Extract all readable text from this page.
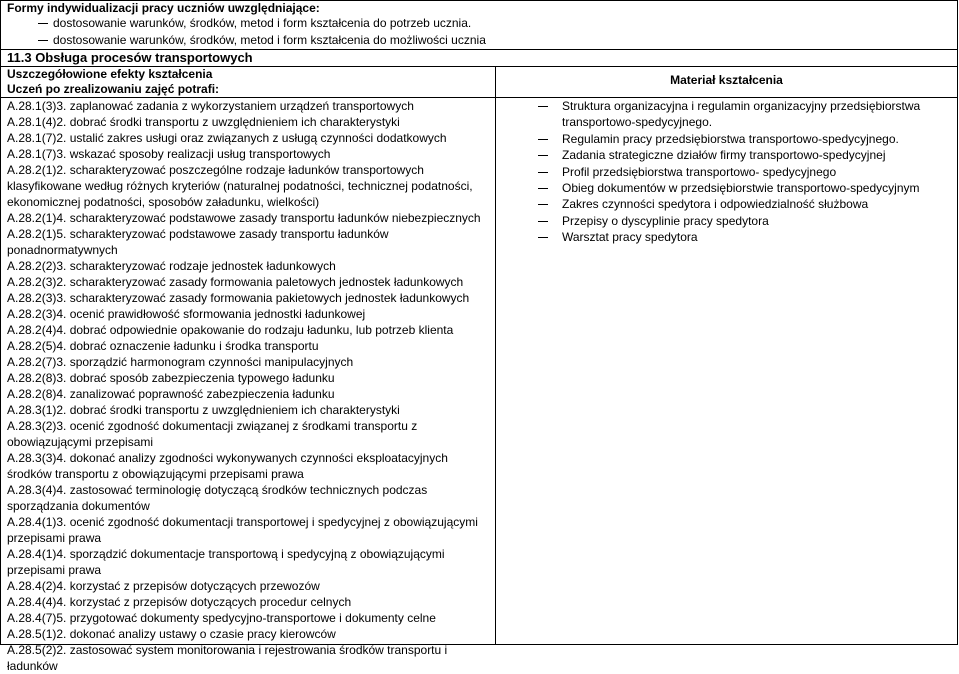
Formy indywidualizacji pracy uczniów uwzględniające:
dostosowanie warunków, środków, metod i form kształcenia do potrzeb ucznia.
dostosowanie warunków, środków, metod i form kształcenia do możliwości ucznia
11.3 Obsługa procesów transportowych
Uszczegółowione efekty kształcenia
Uczeń po zrealizowaniu zajęć potrafi:
Materiał kształcenia
A.28.1(3)3. zaplanować zadania z wykorzystaniem urządzeń transportowych
A.28.1(4)2. dobrać środki transportu z uwzględnieniem ich charakterystyki
A.28.1(7)2. ustalić zakres usługi oraz związanych z usługą czynności dodatkowych
A.28.1(7)3. wskazać sposoby realizacji usług transportowych
A.28.2(1)2. scharakteryzować poszczególne rodzaje ładunków transportowych klasyfikowane według różnych kryteriów (naturalnej podatności, technicznej podatności, ekonomicznej podatności, sposobów załadunku, wielkości)
A.28.2(1)4. scharakteryzować podstawowe zasady transportu ładunków niebezpiecznych
A.28.2(1)5. scharakteryzować podstawowe zasady transportu ładunków ponadnormatywnych
A.28.2(2)3. scharakteryzować rodzaje jednostek ładunkowych
A.28.2(3)2. scharakteryzować zasady formowania paletowych jednostek ładunkowych
A.28.2(3)3. scharakteryzować zasady formowania pakietowych jednostek ładunkowych
A.28.2(3)4. ocenić prawidłowość sformowania jednostki ładunkowej
A.28.2(4)4. dobrać odpowiednie opakowanie do rodzaju ładunku, lub potrzeb klienta
A.28.2(5)4. dobrać oznaczenie ładunku i środka transportu
A.28.2(7)3. sporządzić harmonogram czynności manipulacyjnych
A.28.2(8)3. dobrać sposób zabezpieczenia typowego ładunku
A.28.2(8)4. zanalizować poprawność zabezpieczenia ładunku
A.28.3(1)2. dobrać środki transportu z uwzględnieniem ich charakterystyki
A.28.3(2)3. ocenić zgodność dokumentacji związanej z środkami transportu z obowiązującymi przepisami
A.28.3(3)4. dokonać analizy zgodności wykonywanych czynności eksploatacyjnych środków transportu z obowiązującymi przepisami prawa
A.28.3(4)4. zastosować terminologię dotyczącą środków technicznych podczas sporządzania dokumentów
A.28.4(1)3. ocenić zgodność dokumentacji transportowej i spedycyjnej z obowiązującymi przepisami prawa
A.28.4(1)4. sporządzić dokumentacje transportową i spedycyjną z obowiązującymi przepisami prawa
A.28.4(2)4. korzystać z przepisów dotyczących przewozów
A.28.4(4)4. korzystać z przepisów dotyczących procedur celnych
A.28.4(7)5. przygotować dokumenty spedycyjno-transportowe i dokumenty celne
A.28.5(1)2. dokonać analizy ustawy o czasie pracy kierowców
A.28.5(2)2. zastosować system monitorowania i rejestrowania środków transportu i ładunków
Struktura organizacyjna i regulamin organizacyjny przedsiębiorstwa
transportowo-spedycyjnego.
Regulamin pracy przedsiębiorstwa transportowo-spedycyjnego.
Zadania strategiczne działów firmy transportowo-spedycyjnej
Profil przedsiębiorstwa transportowo- spedycyjnego
Obieg dokumentów w przedsiębiorstwie transportowo-spedycyjnym
Zakres czynności spedytora i odpowiedzialność służbowa
Przepisy o dyscyplinie pracy spedytora
Warsztat pracy spedytora
